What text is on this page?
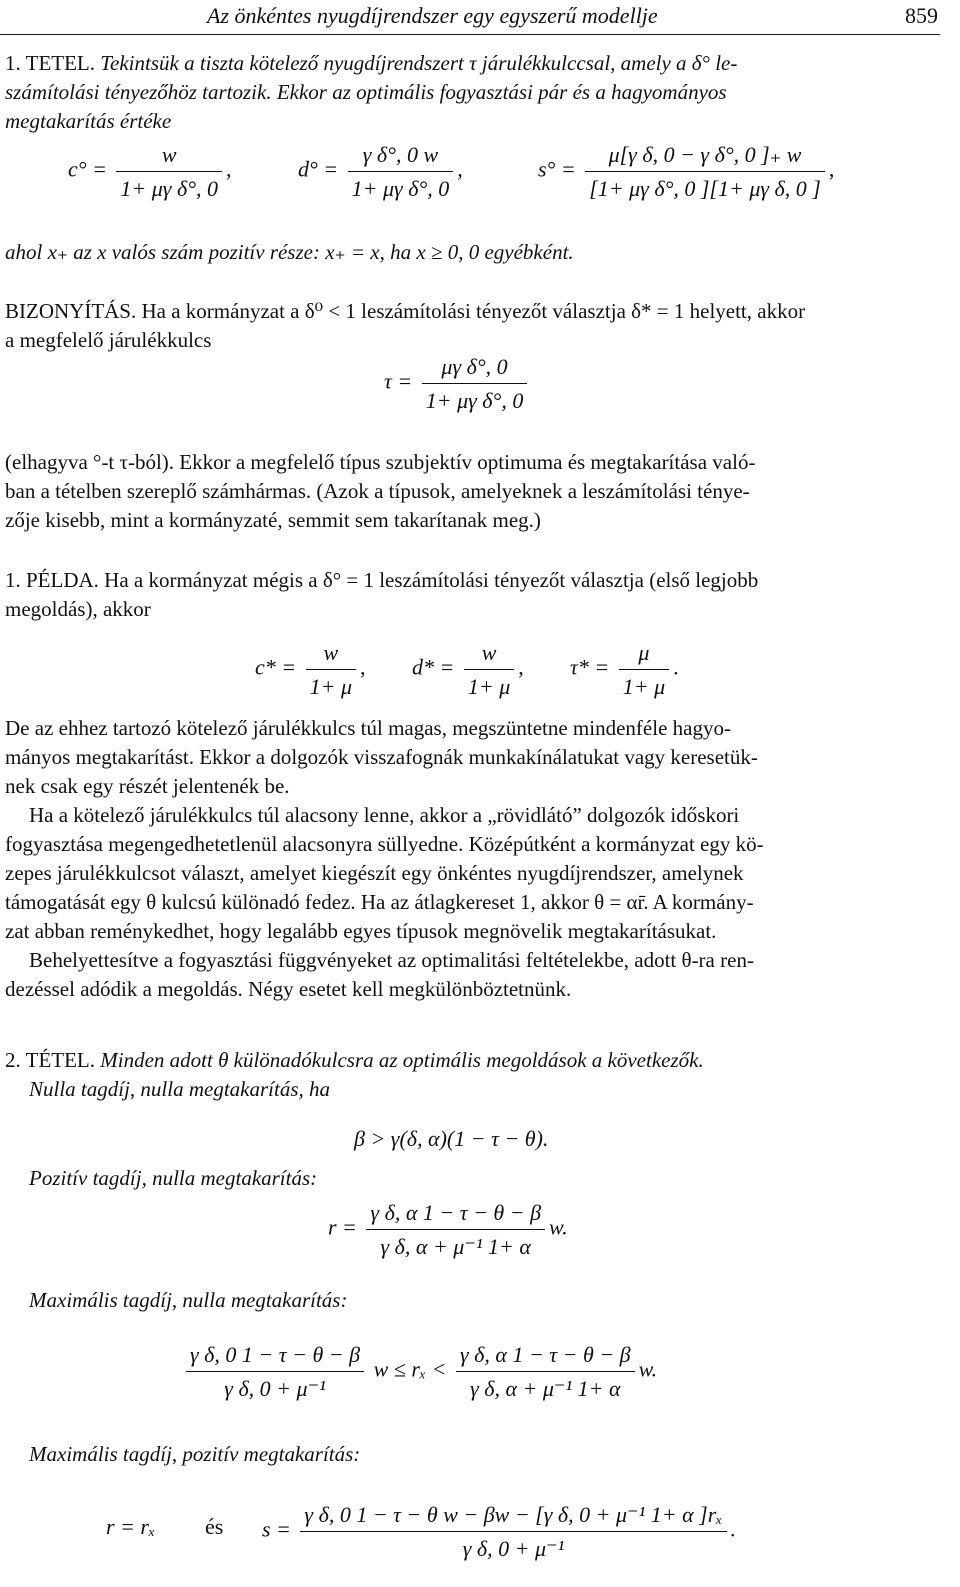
Az önkéntes nyugdíjrendszer egy egyszerű modellje	859
1. TETEL. Tekintsük a tiszta kötelező nyugdíjrendszert τ járulékkulccsal, amely a δ° le-
számítolási tényezőhöz tartozik. Ekkor az optimális fogyasztási pár és a hagyományos
megtakarítás értéke
$c^\circ = \frac{w}{\text{1+ μγ δ°, 0}}$ ,	$d^\circ = \frac{\text{γ δ°, 0 w}}{\text{1+ μγ δ°, 0}}$ ,	$s^\circ = \frac{\text{μ[γ δ, 0 − γ δ°, 0 ]₊ w}}{\text{[1+ μγ δ°, 0 ][1+ μγ δ, 0 ]}}$ ,
ahol x₊ az x valós szám pozitív része: x₊ = x, ha x ≥ 0, 0 egyébként.
BIZONYÍTÁS. Ha a kormányzat a δ⁰ < 1 leszámítolási tényezőt választja δ* = 1 helyett, akkor
a megfelelő járulékkulcs
$\tau = \frac{\text{μγ δ°, 0}}{\text{1+ μγ δ°, 0}}$
(elhagyva °-t τ-ból). Ekkor a megfelelő típus szubjektív optimuma és megtakarítása való-
ban a tételben szereplő számhármas. (Azok a típusok, amelyeknek a leszámítolási ténye-
zője kisebb, mint a kormányzaté, semmit sem takarítanak meg.)
1. PÉLDA. Ha a kormányzat mégis a δ° = 1 leszámítolási tényezőt választja (első legjobb
megoldás), akkor
$c* = \frac{w}{1+ \mu}$ , $d* = \frac{w}{1+ \mu}$ , $\tau* = \frac{\mu}{1+ \mu}$ .
De az ehhez tartozó kötelező járulékkulcs túl magas, megszüntetne mindenféle hagyo-
mányos megtakarítást. Ekkor a dolgozók visszafognák munkakínálatukat vagy keresetük-
nek csak egy részét jelentenék be.
Ha a kötelező járulékkulcs túl alacsony lenne, akkor a „rövidlátó” dolgozók időskori
fogyasztása megengedhetetlenül alacsonyra süllyedne. Középútként a kormányzat egy kö-
zepes járulékkulcsot választ, amelyet kiegészít egy önkéntes nyugdíjrendszer, amelynek
támogatását egy θ kulcsú különadó fedez. Ha az átlagkereset 1, akkor θ = αr̄. A kormány-
zat abban reménykedhet, hogy legalább egyes típusok megnövelik megtakarításukat.
Behelyettesítve a fogyasztási függvényeket az optimalitási feltételekbe, adott θ-ra ren-
dezéssel adódik a megoldás. Négy esetet kell megkülönböztetnünk.
2. TÉTEL. Minden adott θ különadókulcsra az optimális megoldások a következők.
Nulla tagdíj, nulla megtakarítás, ha
β > γ(δ, α)(1 − τ − θ).
Pozitív tagdíj, nulla megtakarítás:
$r = \frac{\text{γ δ, α 1 − τ − θ − β}}{\text{γ δ, α + μ⁻¹ 1+ α}} w$.
Maximális tagdíj, nulla megtakarítás:
$\frac{\text{γ δ, 0 1 − τ − θ − β}}{\text{γ δ, 0 + μ⁻¹}}$ $w \le r_x < \frac{\text{γ δ, α 1 − τ − θ − β}}{\text{γ δ, α + μ⁻¹ 1+ α}} w$.
Maximális tagdíj, pozitív megtakarítás:
r = rₓ és $s = \frac{\text{γ δ, 0 1 − τ − θ w − βw − [γ δ, 0 + μ⁻¹ 1+ α ]rₓ}}{\text{γ δ, 0 + μ⁻¹}}$ .
